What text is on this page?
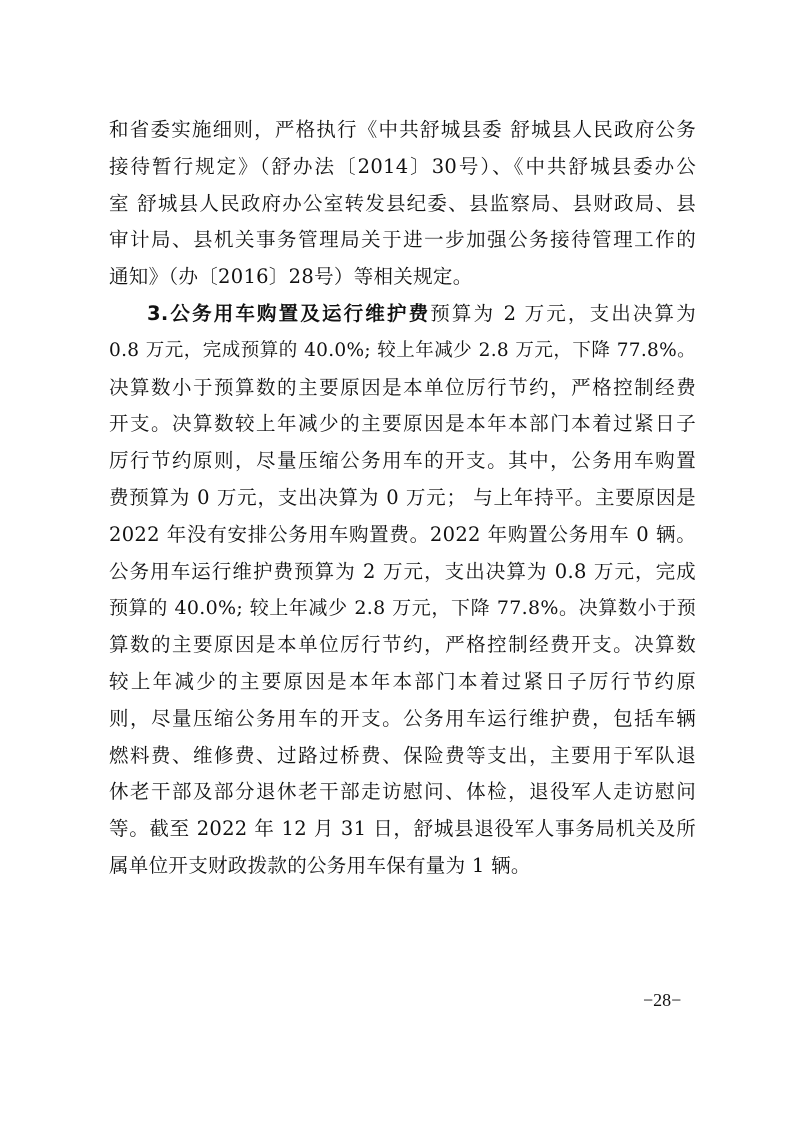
和省委实施细则，严格执行《中共舒城县委 舒城县人民政府公务
接待暂行规定》（舒办法〔2014〕30号）、《中共舒城县委办公
室 舒城县人民政府办公室转发县纪委、县监察局、县财政局、县
审计局、县机关事务管理局关于进一步加强公务接待管理工作的
通知》（办〔2016〕28号）等相关规定。
3.公务用车购置及运行维护费预算为 2 万元，支出决算为
0.8 万元，完成预算的 40.0%; 较上年减少 2.8 万元，下降 77.8%。
决算数小于预算数的主要原因是本单位厉行节约，严格控制经费
开支。决算数较上年减少的主要原因是本年本部门本着过紧日子
厉行节约原则，尽量压缩公务用车的开支。其中，公务用车购置
费预算为 0 万元，支出决算为 0 万元； 与上年持平。主要原因是
2022 年没有安排公务用车购置费。2022 年购置公务用车 0 辆。
公务用车运行维护费预算为 2 万元，支出决算为 0.8 万元，完成
预算的 40.0%; 较上年减少 2.8 万元，下降 77.8%。决算数小于预
算数的主要原因是本单位厉行节约，严格控制经费开支。决算数
较上年减少的主要原因是本年本部门本着过紧日子厉行节约原
则，尽量压缩公务用车的开支。公务用车运行维护费，包括车辆
燃料费、维修费、过路过桥费、保险费等支出，主要用于军队退
休老干部及部分退休老干部走访慰问、体检，退役军人走访慰问
等。截至 2022 年 12 月 31 日，舒城县退役军人事务局机关及所
属单位开支财政拨款的公务用车保有量为 1 辆。
−28−
